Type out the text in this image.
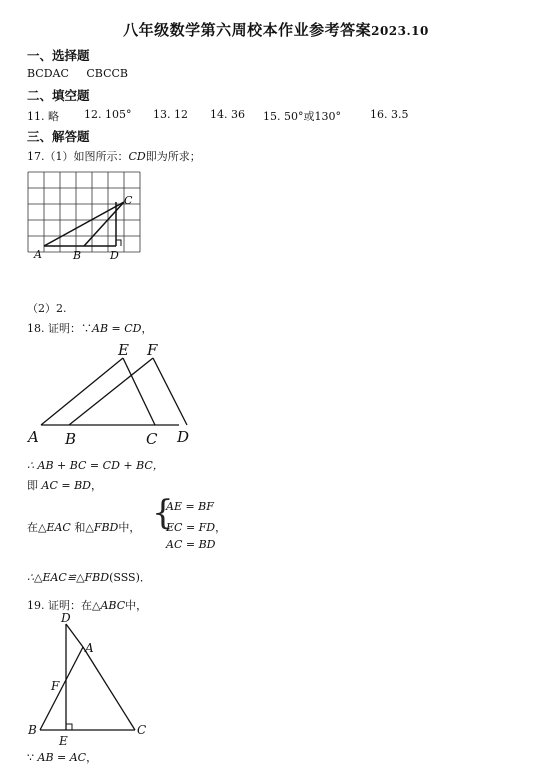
八年级数学第六周校本作业参考答案2023.10
一、选择题
BCDAC     CBCCB
二、填空题
11. 略 12. 105° 13. 12 14. 36 15. 50°或130°	16. 3.5
三、解答题
17.（1）如图所示：CD即为所求；
A	B
C
D
（2）2.
18. 证明：∵AB = CD，
E F
A B	C D
∴ AB + BC = CD + BC，
即 AC = BD，
在△EAC 和△FBD中， {
AE = BF
EC = FD，
AC = BD
∴△EAC≌△FBD(SSS)．
19. 证明：在△ABC中，
D
A
F
B	C
E
∵ AB = AC，
